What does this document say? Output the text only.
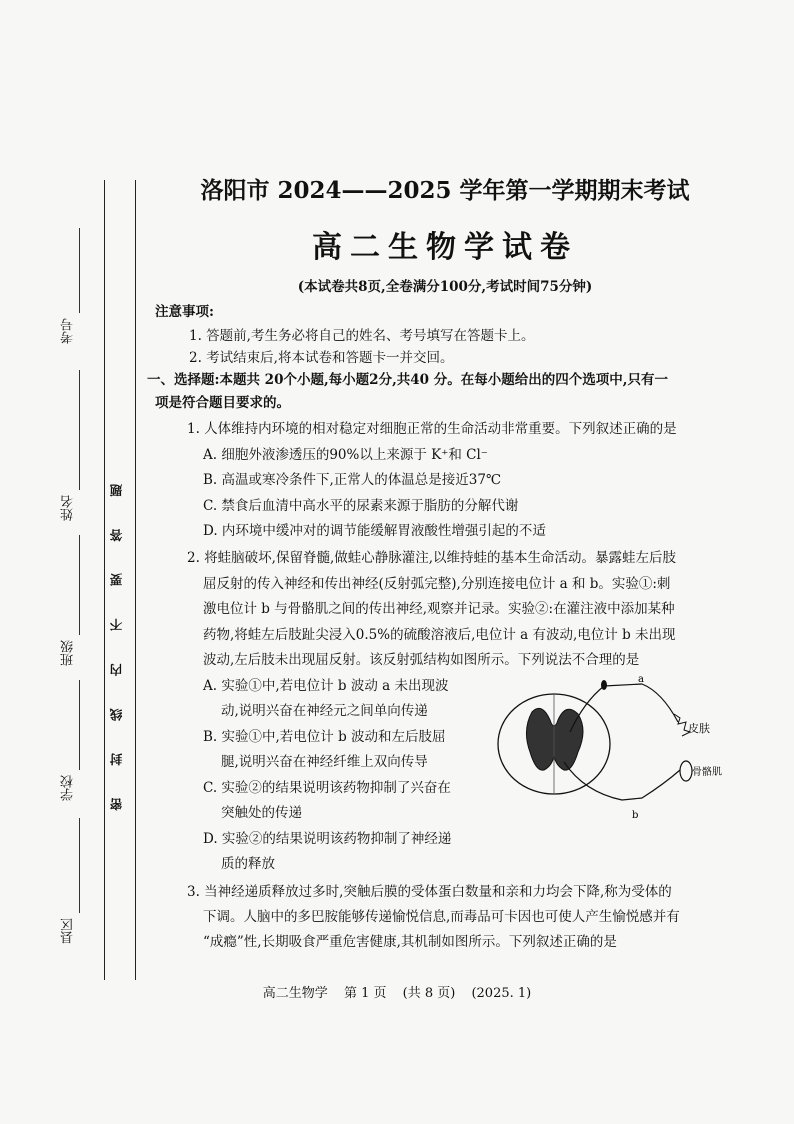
考号
姓名
班级
学校
县区
密 封 线 内 不 要 答 题
洛阳市 2024——2025 学年第一学期期末考试
高二生物学试卷
(本试卷共8页,全卷满分100分,考试时间75分钟)
注意事项:
1. 答题前,考生务必将自己的姓名、考号填写在答题卡上。
2. 考试结束后,将本试卷和答题卡一并交回。
一、选择题:本题共 20个小题,每小题2分,共40 分。在每小题给出的四个选项中,只有一
项是符合题目要求的。
1. 人体维持内环境的相对稳定对细胞正常的生命活动非常重要。下列叙述正确的是
A. 细胞外液渗透压的90%以上来源于 K⁺和 Cl⁻
B. 高温或寒冷条件下,正常人的体温总是接近37℃
C. 禁食后血清中高水平的尿素来源于脂肪的分解代谢
D. 内环境中缓冲对的调节能缓解胃液酸性增强引起的不适
2. 将蛙脑破坏,保留脊髓,做蛙心静脉灌注,以维持蛙的基本生命活动。暴露蛙左后肢
屈反射的传入神经和传出神经(反射弧完整),分别连接电位计 a 和 b。实验①:刺
激电位计 b 与骨骼肌之间的传出神经,观察并记录。实验②:在灌注液中添加某种
药物,将蛙左后肢趾尖浸入0.5%的硫酸溶液后,电位计 a 有波动,电位计 b 未出现
波动,左后肢未出现屈反射。该反射弧结构如图所示。下列说法不合理的是
A. 实验①中,若电位计 b 波动 a 未出现波
动,说明兴奋在神经元之间单向传递
B. 实验①中,若电位计 b 波动和左后肢屈
腿,说明兴奋在神经纤维上双向传导
C. 实验②的结果说明该药物抑制了兴奋在
突触处的传递
D. 实验②的结果说明该药物抑制了神经递
质的释放
3. 当神经递质释放过多时,突触后膜的受体蛋白数量和亲和力均会下降,称为受体的
下调。人脑中的多巴胺能够传递愉悦信息,而毒品可卡因也可使人产生愉悦感并有
“成瘾”性,长期吸食严重危害健康,其机制如图所示。下列叙述正确的是
a
皮肤
b
骨骼肌
高二生物学 第 1 页 (共 8 页) (2025. 1)
